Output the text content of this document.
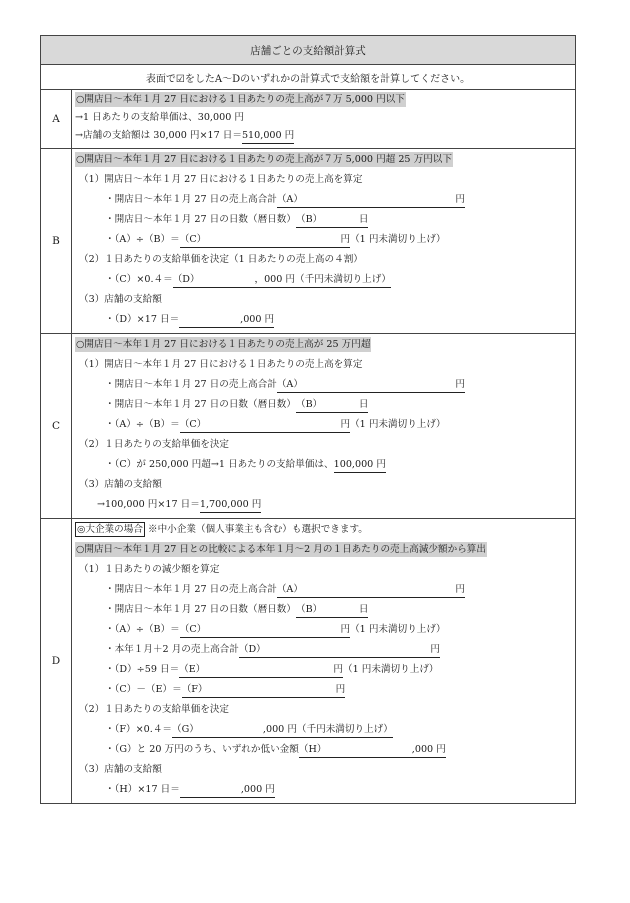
店舗ごとの支給額計算式
表面で☑をしたA～Dのいずれかの計算式で支給額を計算してください。
A
○開店日～本年１月 27 日における１日あたりの売上高が７万 5,000 円以下
→1 日あたりの支給単価は、30,000 円
→店舗の支給額は 30,000 円×17 日＝510,000 円
B
○開店日～本年１月 27 日における１日あたりの売上高が７万 5,000 円超 25 万円以下
（1）開店日～本年１月 27 日における１日あたりの売上高を算定
・開店日～本年１月 27 日の売上高合計（A）                                                  円
・開店日～本年１月 27 日の日数（暦日数）（B）            日
・（A）÷（B）＝（C）                                            円（1 円未満切り上げ）
（2）１日あたりの支給単価を決定（1 日あたりの売上高の４割）
・（C）×0.４＝（D）                  ，000 円（千円未満切り上げ）
（3）店舗の支給額
・（D）×17 日＝                    ,000 円
C
○開店日～本年１月 27 日における１日あたりの売上高が 25 万円超
（1）開店日～本年１月 27 日における１日あたりの売上高を算定
・開店日～本年１月 27 日の売上高合計（A）                                                  円
・開店日～本年１月 27 日の日数（暦日数）（B）            日
・（A）÷（B）＝（C）                                            円（1 円未満切り上げ）
（2）１日あたりの支給単価を決定
・（C）が 250,000 円超→1 日あたりの支給単価は、100,000 円
（3）店舗の支給額
→100,000 円×17 日＝1,700,000 円
D
◎大企業の場合 ※中小企業（個人事業主も含む）も選択できます。
○開店日～本年１月 27 日との比較による本年１月～2 月の１日あたりの売上高減少額から算出
（1）１日あたりの減少額を算定
・開店日～本年１月 27 日の売上高合計（A）                                                  円
・開店日～本年１月 27 日の日数（暦日数）（B）            日
・（A）÷（B）＝（C）                                            円（1 円未満切り上げ）
・本年１月＋2 月の売上高合計（D）                                                      円
・（D）÷59 日＝（E）                                          円（1 円未満切り上げ）
・（C）－（E）＝（F）                                          円
（2）１日あたりの支給単価を決定
・（F）×0.４＝（G）                     ,000 円（千円未満切り上げ）
・（G）と 20 万円のうち、いずれか低い金額（H）                            ,000 円
（3）店舗の支給額
・（H）×17 日＝                    ,000 円
